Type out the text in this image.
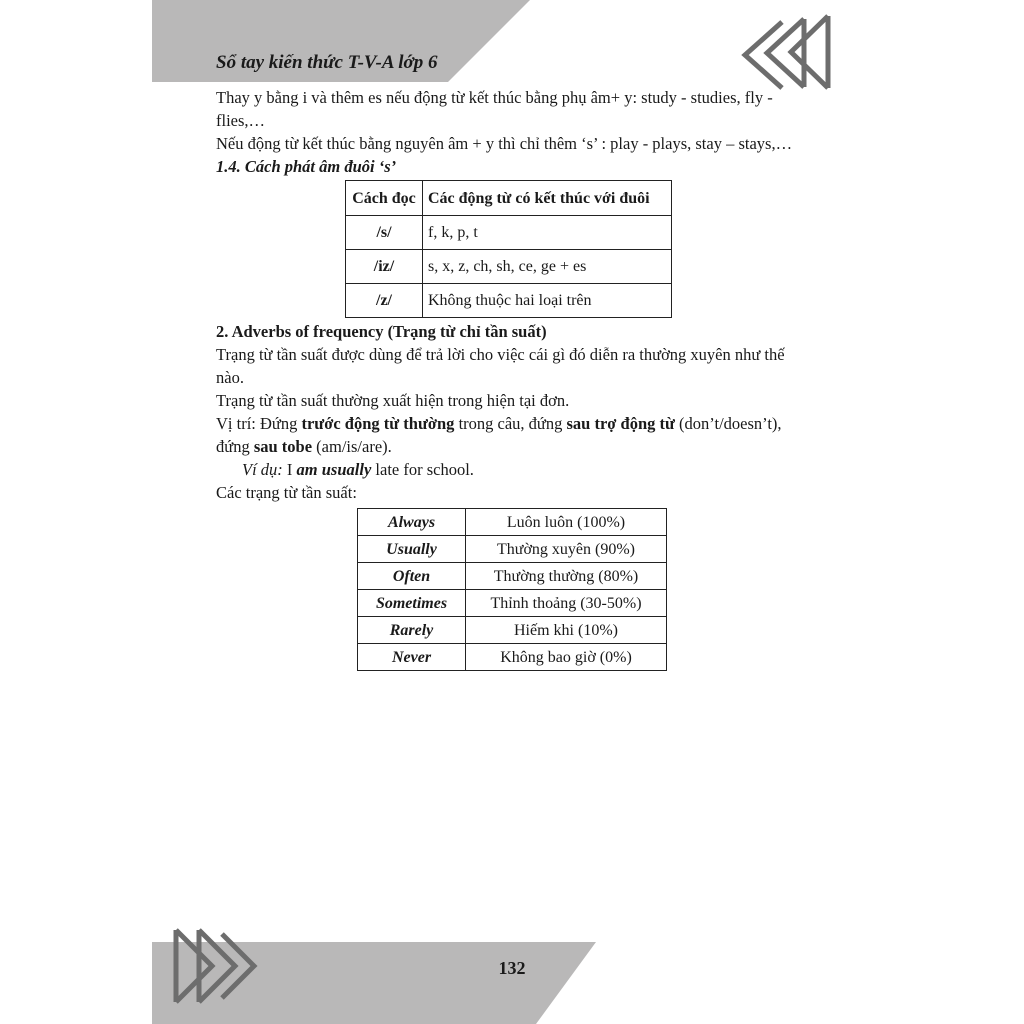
Sổ tay kiến thức T-V-A lớp 6

Thay y bằng i và thêm es nếu động từ kết thúc bằng phụ âm+ y: study - studies, fly - flies,…

Nếu động từ kết thúc bằng nguyên âm + y thì chỉ thêm ‘s’ : play - plays, stay – stays,…

1.4. Cách phát âm đuôi ‘s’

Cách đọc	Các động từ có kết thúc với đuôi
/s/	f, k, p, t
/iz/	s, x, z, ch, sh, ce, ge + es
/z/	Không thuộc hai loại trên

2. Adverbs of frequency (Trạng từ chỉ tần suất)

Trạng từ tần suất được dùng để trả lời cho việc cái gì đó diễn ra thường xuyên như thế nào.

Trạng từ tần suất thường xuất hiện trong hiện tại đơn.

Vị trí: Đứng trước động từ thường trong câu, đứng sau trợ động từ (don’t/doesn’t), đứng sau tobe (am/is/are).

Ví dụ: I am usually late for school.

Các trạng từ tần suất:

Always	Luôn luôn (100%)
Usually	Thường xuyên (90%)
Often	Thường thường (80%)
Sometimes	Thỉnh thoảng (30-50%)
Rarely	Hiếm khi (10%)
Never	Không bao giờ (0%)
132
